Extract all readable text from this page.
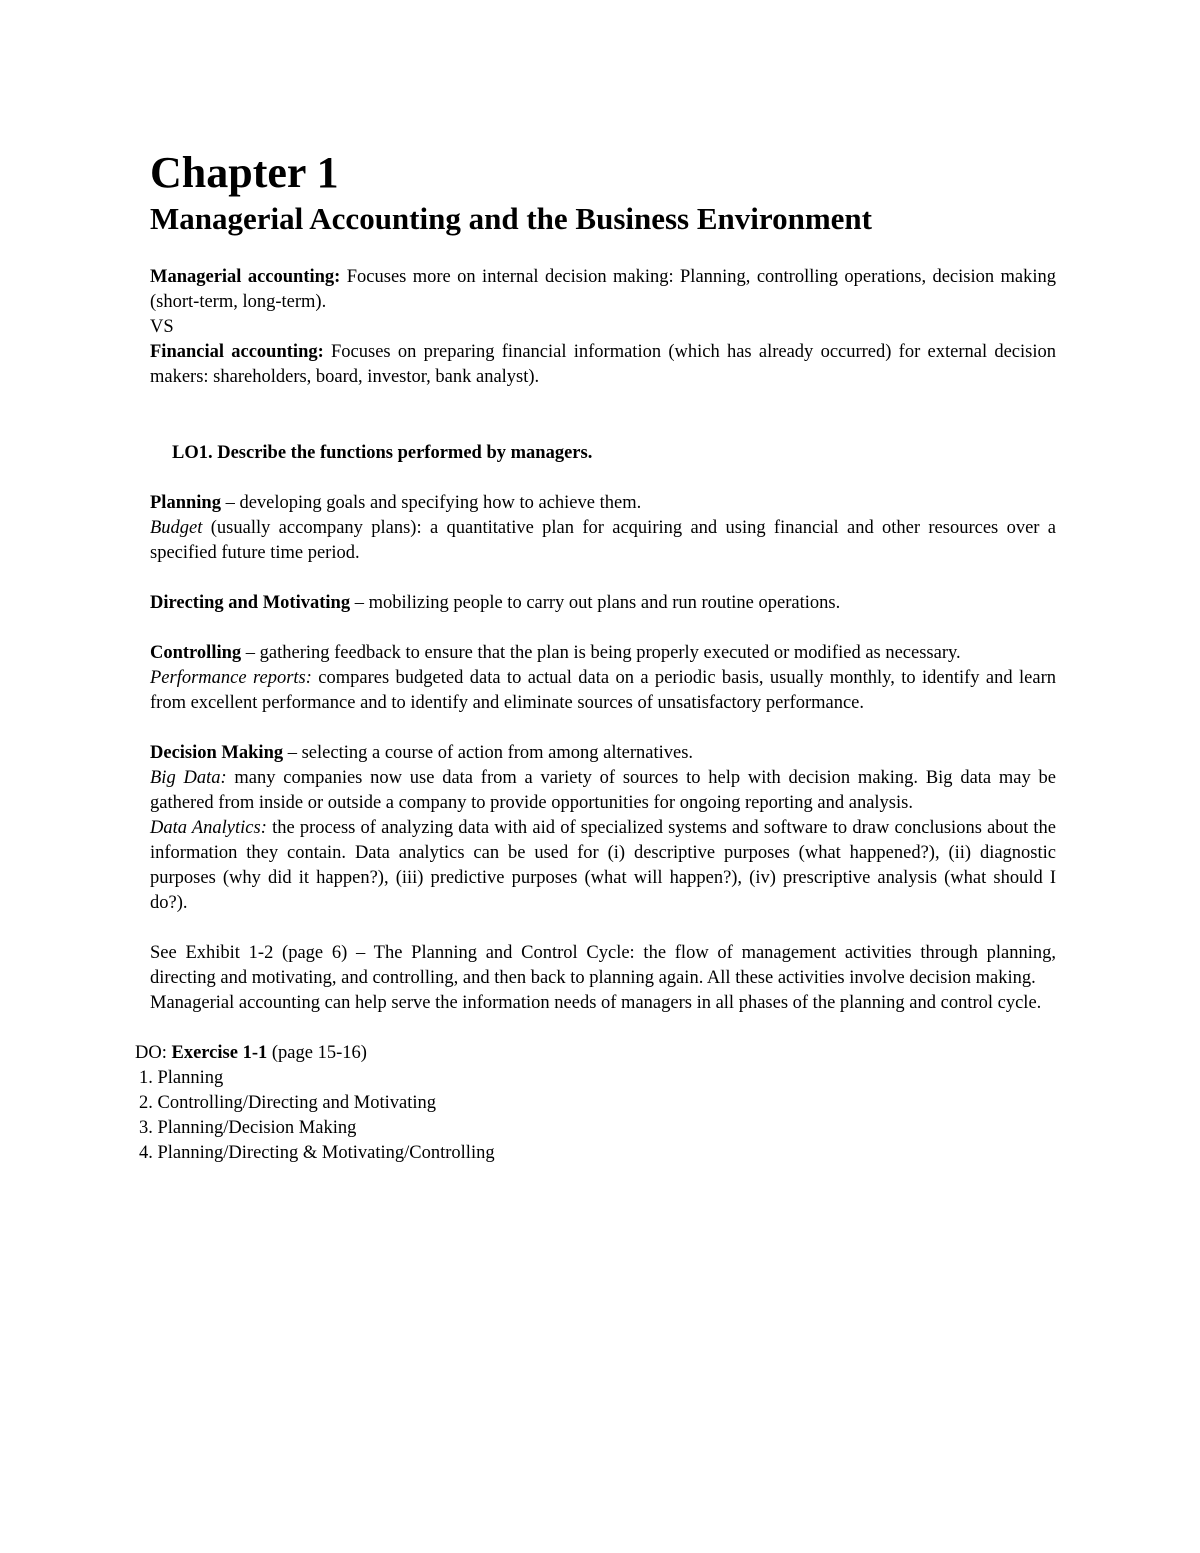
Chapter 1
Managerial Accounting and the Business Environment

Managerial accounting: Focuses more on internal decision making: Planning, controlling operations, decision making (short-term, long-term).

VS

Financial accounting: Focuses on preparing financial information (which has already occurred) for external decision makers: shareholders, board, investor, bank analyst).

LO1. Describe the functions performed by managers.

Planning – developing goals and specifying how to achieve them.

Budget (usually accompany plans): a quantitative plan for acquiring and using financial and other resources over a specified future time period.

Directing and Motivating – mobilizing people to carry out plans and run routine operations.

Controlling – gathering feedback to ensure that the plan is being properly executed or modified as necessary.

Performance reports: compares budgeted data to actual data on a periodic basis, usually monthly, to identify and learn from excellent performance and to identify and eliminate sources of unsatisfactory performance.

Decision Making – selecting a course of action from among alternatives.

Big Data: many companies now use data from a variety of sources to help with decision making. Big data may be gathered from inside or outside a company to provide opportunities for ongoing reporting and analysis.

Data Analytics: the process of analyzing data with aid of specialized systems and software to draw conclusions about the information they contain. Data analytics can be used for (i) descriptive purposes (what happened?), (ii) diagnostic purposes (why did it happen?), (iii) predictive purposes (what will happen?), (iv) prescriptive analysis (what should I do?).

See Exhibit 1-2 (page 6) – The Planning and Control Cycle: the flow of management activities through planning, directing and motivating, and controlling, and then back to planning again. All these activities involve decision making.

Managerial accounting can help serve the information needs of managers in all phases of the planning and control cycle.

DO: Exercise 1-1 (page 15-16)

1. Planning
2. Controlling/Directing and Motivating
3. Planning/Decision Making
4. Planning/Directing & Motivating/Controlling
